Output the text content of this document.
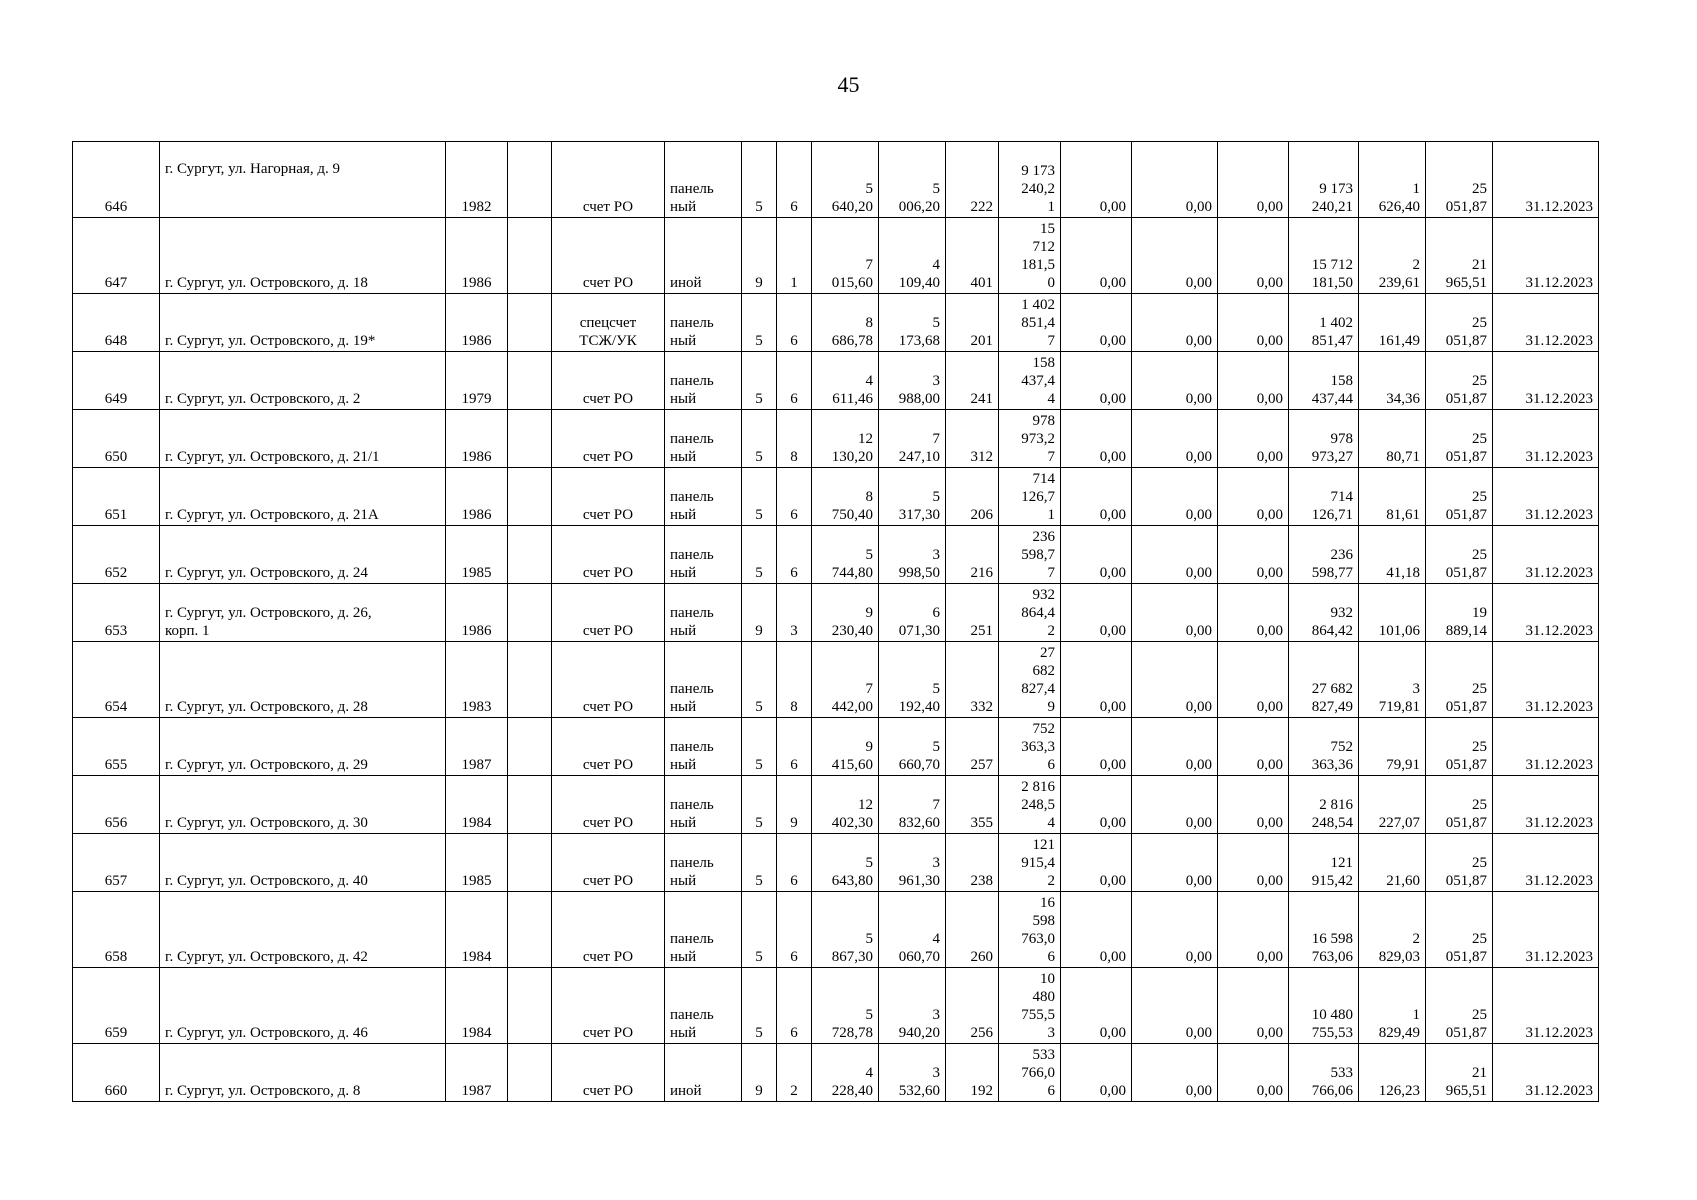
45
646	г. Сургут, ул. Нагорная, д. 9	1982		счет РО	панель
ный	5	6	5
640,20	5
006,20	222	9 173
240,2
1	0,00	0,00	0,00	9 173
240,21	1
626,40	25
051,87	31.12.2023
647	г. Сургут, ул. Островского, д. 18	1986		счет РО	иной	9	1	7
015,60	4
109,40	401	15
712
181,5
0	0,00	0,00	0,00	15 712
181,50	2
239,61	21
965,51	31.12.2023
648	г. Сургут, ул. Островского, д. 19*	1986		спецсчет
ТСЖ/УК	панель
ный	5	6	8
686,78	5
173,68	201	1 402
851,4
7	0,00	0,00	0,00	1 402
851,47	161,49	25
051,87	31.12.2023
649	г. Сургут, ул. Островского, д. 2	1979		счет РО	панель
ный	5	6	4
611,46	3
988,00	241	158
437,4
4	0,00	0,00	0,00	158
437,44	34,36	25
051,87	31.12.2023
650	г. Сургут, ул. Островского, д. 21/1	1986		счет РО	панель
ный	5	8	12
130,20	7
247,10	312	978
973,2
7	0,00	0,00	0,00	978
973,27	80,71	25
051,87	31.12.2023
651	г. Сургут, ул. Островского, д. 21А	1986		счет РО	панель
ный	5	6	8
750,40	5
317,30	206	714
126,7
1	0,00	0,00	0,00	714
126,71	81,61	25
051,87	31.12.2023
652	г. Сургут, ул. Островского, д. 24	1985		счет РО	панель
ный	5	6	5
744,80	3
998,50	216	236
598,7
7	0,00	0,00	0,00	236
598,77	41,18	25
051,87	31.12.2023
653	г. Сургут, ул. Островского, д. 26,
корп. 1	1986		счет РО	панель
ный	9	3	9
230,40	6
071,30	251	932
864,4
2	0,00	0,00	0,00	932
864,42	101,06	19
889,14	31.12.2023
654	г. Сургут, ул. Островского, д. 28	1983		счет РО	панель
ный	5	8	7
442,00	5
192,40	332	27
682
827,4
9	0,00	0,00	0,00	27 682
827,49	3
719,81	25
051,87	31.12.2023
655	г. Сургут, ул. Островского, д. 29	1987		счет РО	панель
ный	5	6	9
415,60	5
660,70	257	752
363,3
6	0,00	0,00	0,00	752
363,36	79,91	25
051,87	31.12.2023
656	г. Сургут, ул. Островского, д. 30	1984		счет РО	панель
ный	5	9	12
402,30	7
832,60	355	2 816
248,5
4	0,00	0,00	0,00	2 816
248,54	227,07	25
051,87	31.12.2023
657	г. Сургут, ул. Островского, д. 40	1985		счет РО	панель
ный	5	6	5
643,80	3
961,30	238	121
915,4
2	0,00	0,00	0,00	121
915,42	21,60	25
051,87	31.12.2023
658	г. Сургут, ул. Островского, д. 42	1984		счет РО	панель
ный	5	6	5
867,30	4
060,70	260	16
598
763,0
6	0,00	0,00	0,00	16 598
763,06	2
829,03	25
051,87	31.12.2023
659	г. Сургут, ул. Островского, д. 46	1984		счет РО	панель
ный	5	6	5
728,78	3
940,20	256	10
480
755,5
3	0,00	0,00	0,00	10 480
755,53	1
829,49	25
051,87	31.12.2023
660	г. Сургут, ул. Островского, д. 8	1987		счет РО	иной	9	2	4
228,40	3
532,60	192	533
766,0
6	0,00	0,00	0,00	533
766,06	126,23	21
965,51	31.12.2023
